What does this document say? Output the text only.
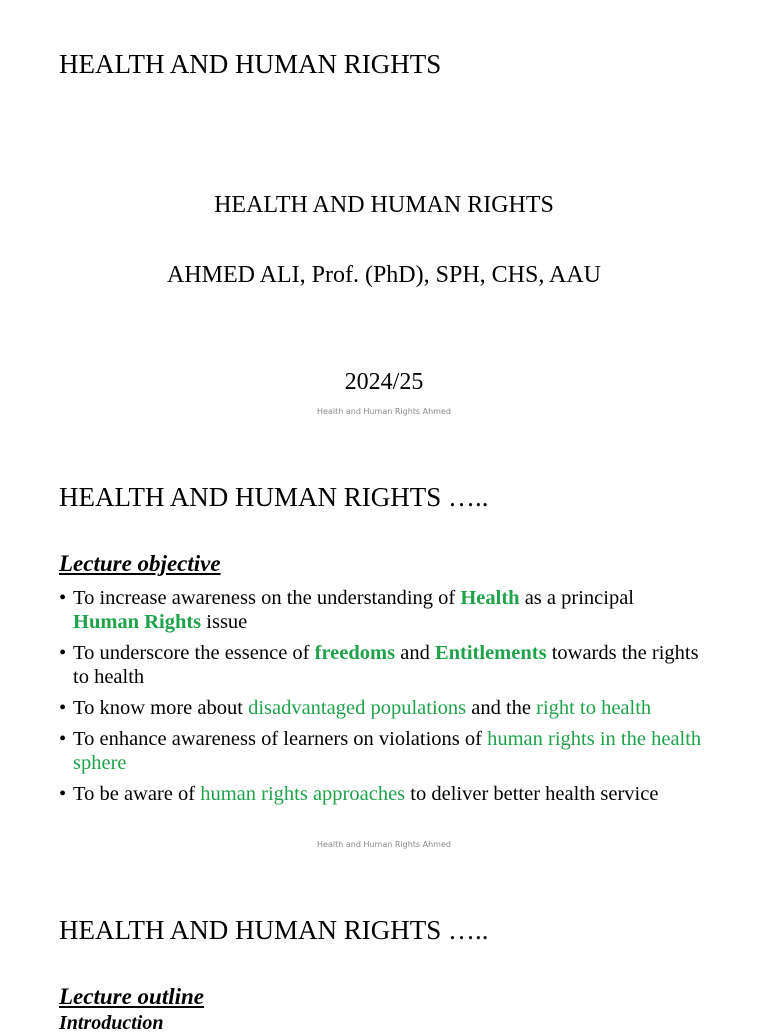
HEALTH AND HUMAN RIGHTS
HEALTH AND HUMAN RIGHTS
AHMED ALI, Prof. (PhD), SPH, CHS, AAU
2024/25
Health and Human Rights Ahmed
HEALTH AND HUMAN RIGHTS …..
Lecture objective
• To increase awareness on the understanding of Health as a principal
Human Rights issue
• To underscore the essence of freedoms and Entitlements towards the rights to health
• To know more about disadvantaged populations and the right to health
• To enhance awareness of learners on violations of human rights in the health sphere
• To be aware of human rights approaches to deliver better health service
Health and Human Rights Ahmed
HEALTH AND HUMAN RIGHTS …..
Lecture outline
Introduction
